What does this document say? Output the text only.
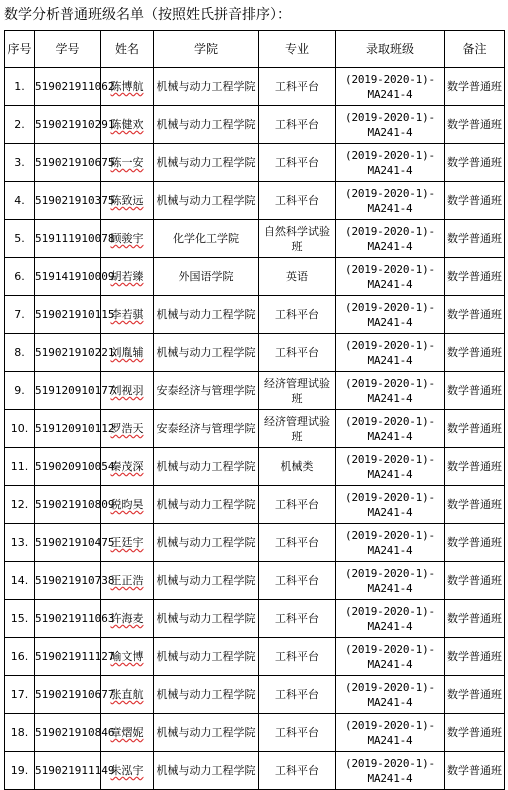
数学分析普通班级名单（按照姓氏拼音排序）：
序号	学号	姓名	学院	专业	录取班级	备注
1.	519021911062	陈博航	机械与动力工程学院	工科平台	(2019-2020-1)-MA241-4	数学普通班
2.	519021910291	陈健欢	机械与动力工程学院	工科平台	(2019-2020-1)-MA241-4	数学普通班
3.	519021910675	陈一安	机械与动力工程学院	工科平台	(2019-2020-1)-MA241-4	数学普通班
4.	519021910375	陈致远	机械与动力工程学院	工科平台	(2019-2020-1)-MA241-4	数学普通班
5.	519111910078	顾骏宇	化学化工学院	自然科学试验班	(2019-2020-1)-MA241-4	数学普通班
6.	519141910009	胡若臻	外国语学院	英语	(2019-2020-1)-MA241-4	数学普通班
7.	519021910115	李若骐	机械与动力工程学院	工科平台	(2019-2020-1)-MA241-4	数学普通班
8.	519021910221	刘胤辅	机械与动力工程学院	工科平台	(2019-2020-1)-MA241-4	数学普通班
9.	519120910177	刘视羽	安泰经济与管理学院	经济管理试验班	(2019-2020-1)-MA241-4	数学普通班
10.	519120910112	罗浩天	安泰经济与管理学院	经济管理试验班	(2019-2020-1)-MA241-4	数学普通班
11.	519020910054	秦茂深	机械与动力工程学院	机械类	(2019-2020-1)-MA241-4	数学普通班
12.	519021910809	税昀昊	机械与动力工程学院	工科平台	(2019-2020-1)-MA241-4	数学普通班
13.	519021910475	王廷宇	机械与动力工程学院	工科平台	(2019-2020-1)-MA241-4	数学普通班
14.	519021910738	王正浩	机械与动力工程学院	工科平台	(2019-2020-1)-MA241-4	数学普通班
15.	519021911063	许海麦	机械与动力工程学院	工科平台	(2019-2020-1)-MA241-4	数学普通班
16.	519021911127	喻文博	机械与动力工程学院	工科平台	(2019-2020-1)-MA241-4	数学普通班
17.	519021910677	张直航	机械与动力工程学院	工科平台	(2019-2020-1)-MA241-4	数学普通班
18.	519021910846	章熠妮	机械与动力工程学院	工科平台	(2019-2020-1)-MA241-4	数学普通班
19.	519021911149	朱泓宇	机械与动力工程学院	工科平台	(2019-2020-1)-MA241-4	数学普通班
